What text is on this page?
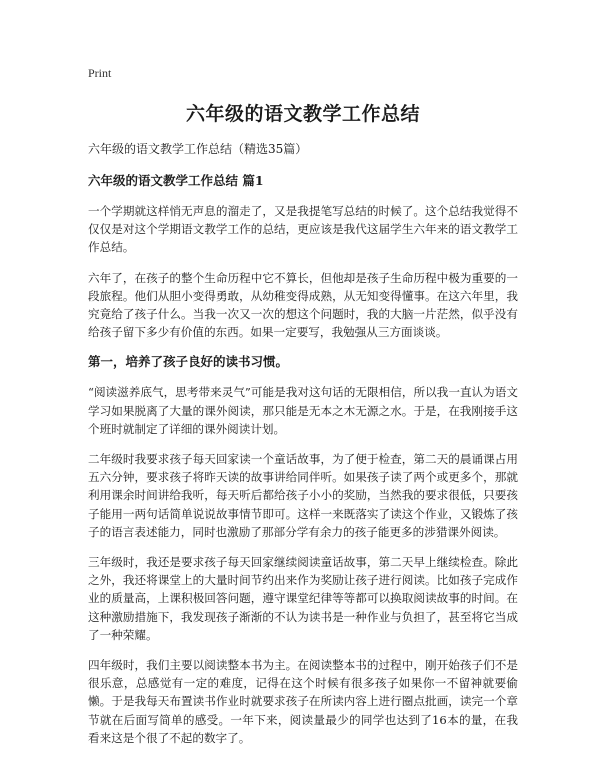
Print
六年级的语文教学工作总结
六年级的语文教学工作总结（精选35篇）
六年级的语文教学工作总结 篇1

一个学期就这样悄无声息的溜走了，又是我提笔写总结的时候了。这个总结我觉得不仅仅是对这个学期语文教学工作的总结，更应该是我代这届学生六年来的语文教学工作总结。

六年了，在孩子的整个生命历程中它不算长，但他却是孩子生命历程中极为重要的一段旅程。他们从胆小变得勇敢，从幼稚变得成熟，从无知变得懂事。在这六年里，我究竟给了孩子什么。当我一次又一次的想这个问题时，我的大脑一片茫然，似乎没有给孩子留下多少有价值的东西。如果一定要写，我勉强从三方面谈谈。

第一，培养了孩子良好的读书习惯。

“阅读滋养底气，思考带来灵气”可能是我对这句话的无限相信，所以我一直认为语文学习如果脱离了大量的课外阅读，那只能是无本之木无源之水。于是，在我刚接手这个班时就制定了详细的课外阅读计划。

二年级时我要求孩子每天回家读一个童话故事，为了便于检查，第二天的晨诵课占用五六分钟，要求孩子将昨天读的故事讲给同伴听。如果孩子读了两个或更多个，那就利用课余时间讲给我听，每天听后都给孩子小小的奖励，当然我的要求很低，只要孩子能用一两句话简单说说故事情节即可。这样一来既落实了读这个作业，又锻炼了孩子的语言表述能力，同时也激励了那部分学有余力的孩子能更多的涉猎课外阅读。

三年级时，我还是要求孩子每天回家继续阅读童话故事，第二天早上继续检查。除此之外，我还将课堂上的大量时间节约出来作为奖励让孩子进行阅读。比如孩子完成作业的质量高，上课积极回答问题，遵守课堂纪律等等都可以换取阅读故事的时间。在这种激励措施下，我发现孩子渐渐的不认为读书是一种作业与负担了，甚至将它当成了一种荣耀。

四年级时，我们主要以阅读整本书为主。在阅读整本书的过程中，刚开始孩子们不是很乐意，总感觉有一定的难度，记得在这个时候有很多孩子如果你一不留神就要偷懒。于是我每天布置读书作业时就要求孩子在所读内容上进行圈点批画，读完一个章节就在后面写简单的感受。一年下来，阅读量最少的同学也达到了16本的量，在我看来这是个很了不起的数字了。
